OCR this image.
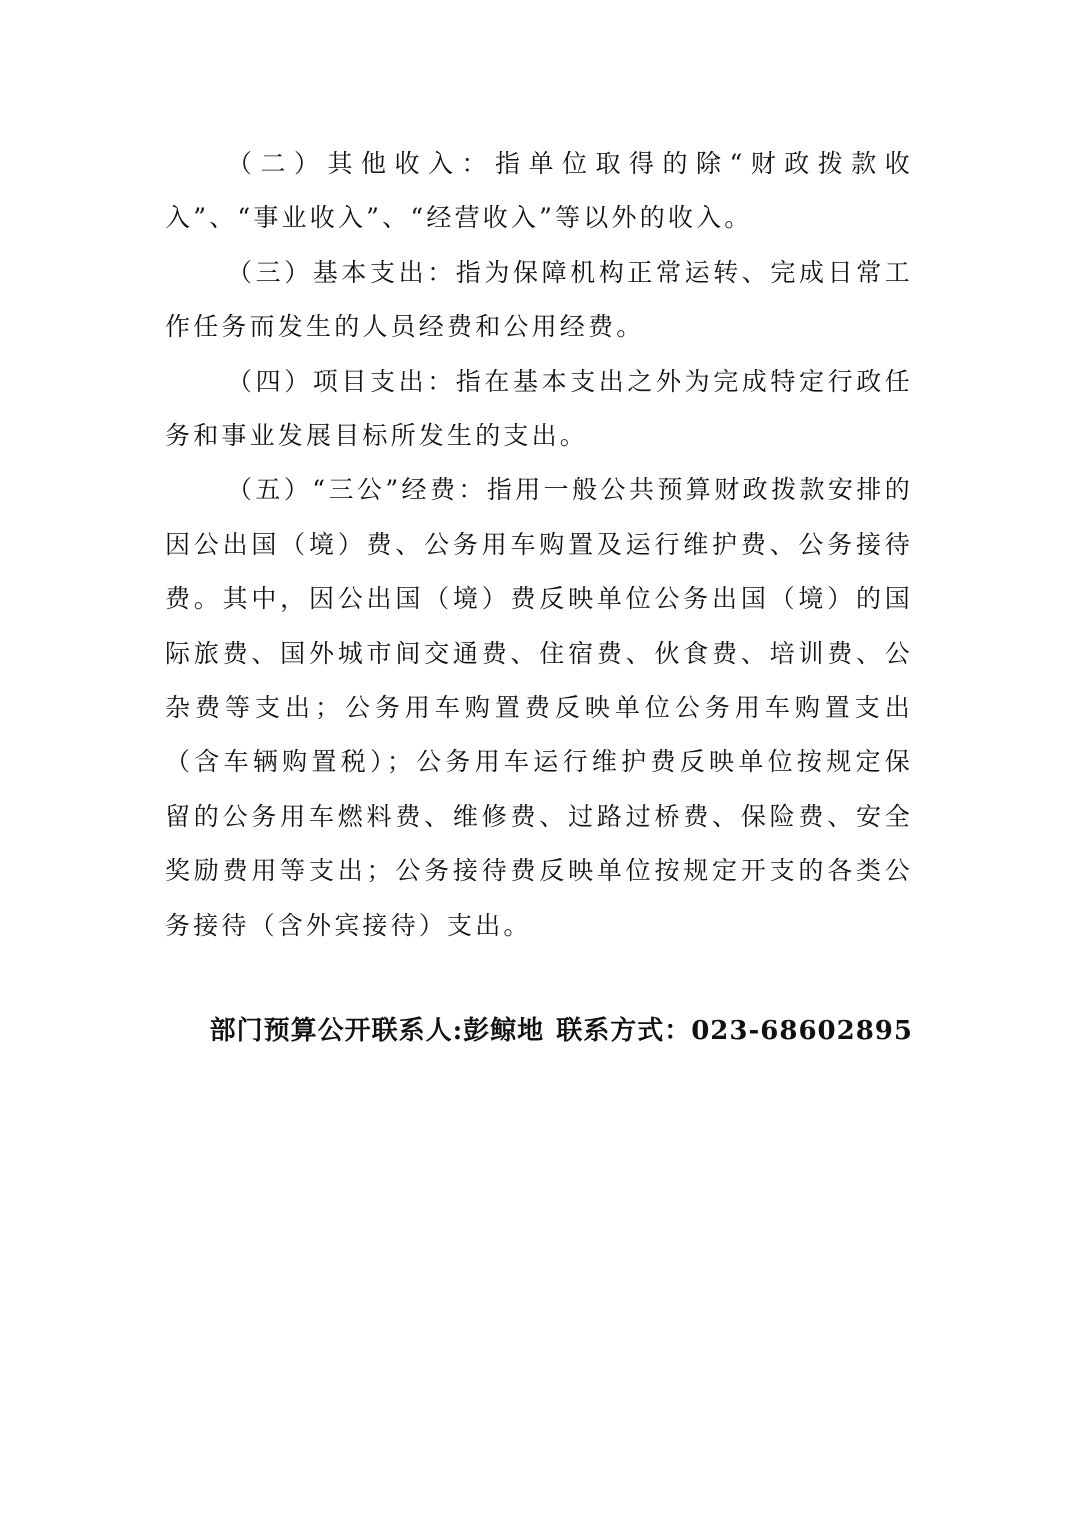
（二）其他收入：指单位取得的除“财政拨款收入”、“事业收入”、“经营收入”等以外的收入。

（三）基本支出：指为保障机构正常运转、完成日常工作任务而发生的人员经费和公用经费。

（四）项目支出：指在基本支出之外为完成特定行政任务和事业发展目标所发生的支出。

（五）“三公”经费：指用一般公共预算财政拨款安排的因公出国（境）费、公务用车购置及运行维护费、公务接待费。其中，因公出国（境）费反映单位公务出国（境）的国际旅费、国外城市间交通费、住宿费、伙食费、培训费、公杂费等支出；公务用车购置费反映单位公务用车购置支出（含车辆购置税）；公务用车运行维护费反映单位按规定保留的公务用车燃料费、维修费、过路过桥费、保险费、安全奖励费用等支出；公务接待费反映单位按规定开支的各类公务接待（含外宾接待）支出。

部门预算公开联系人:彭鲸地 联系方式：023-68602895
